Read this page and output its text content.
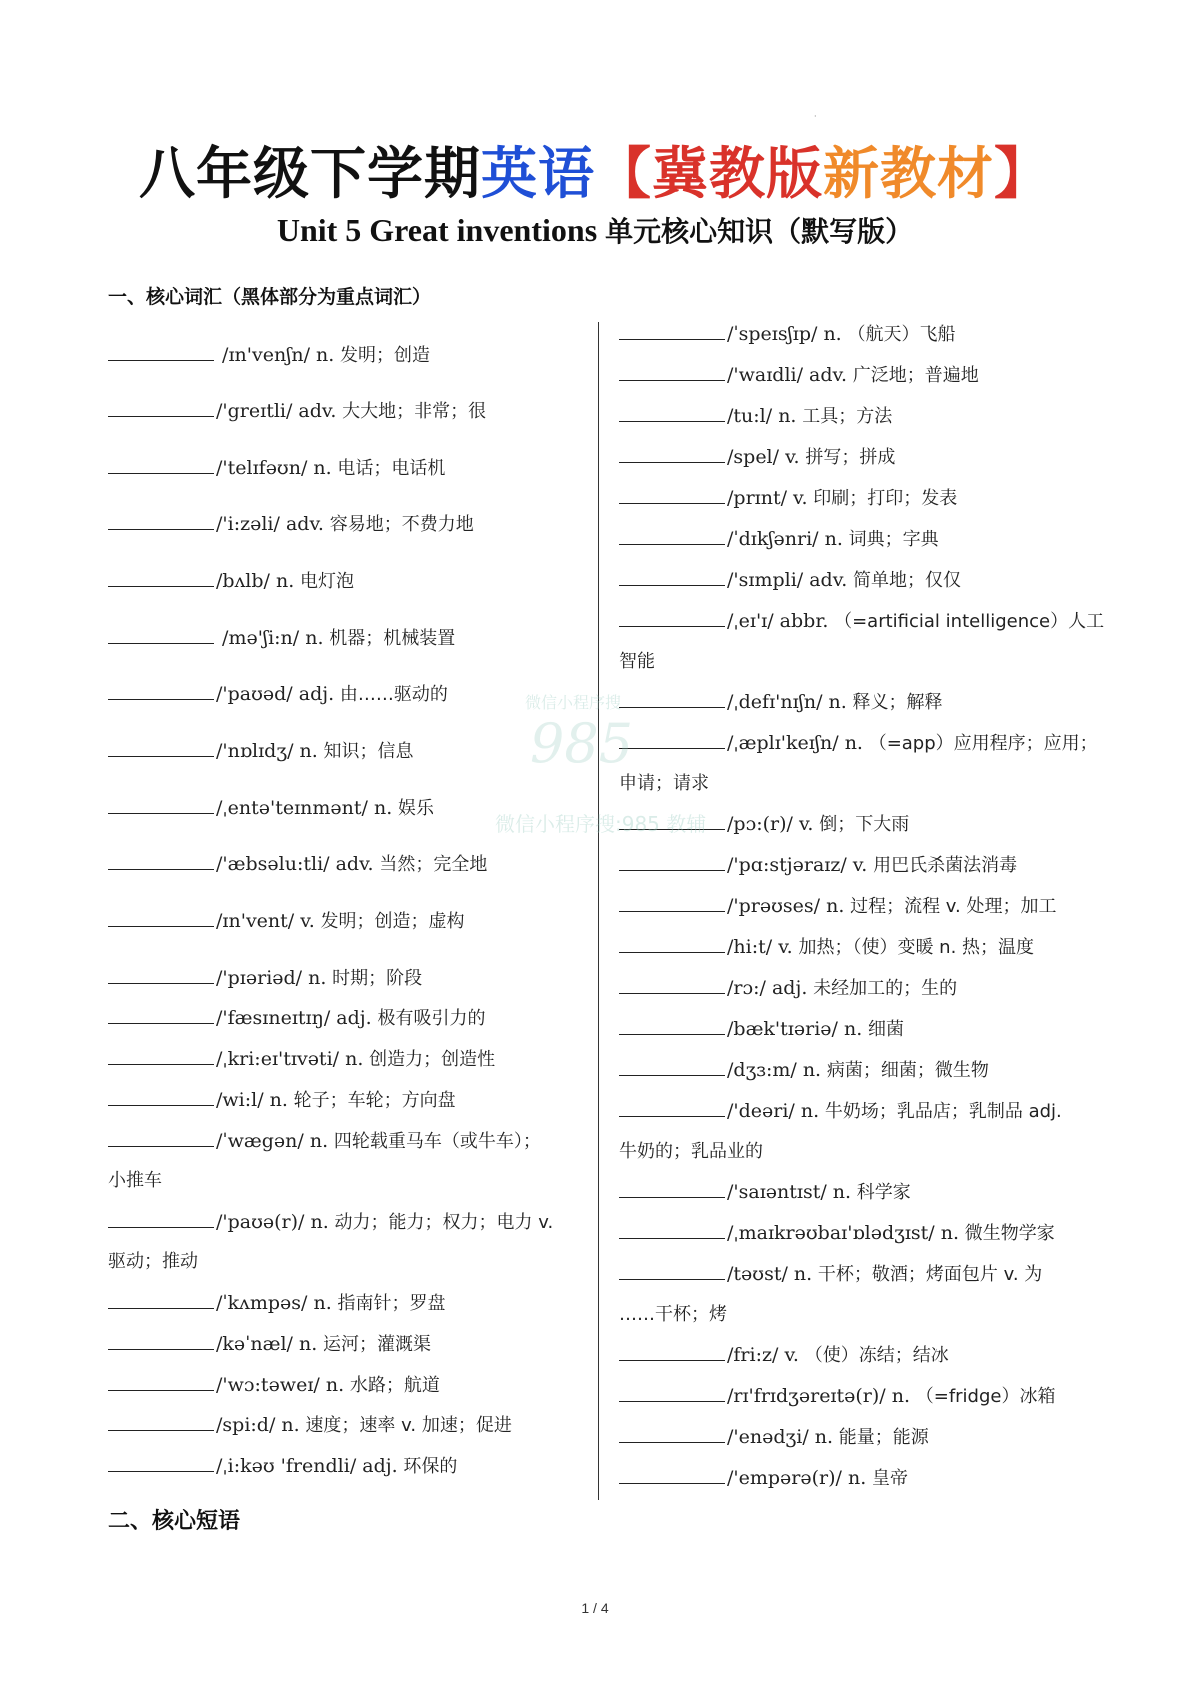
·
八年级下学期英语【冀教版新教材】
Unit 5 Great inventions 单元核心知识（默写版）
一、核心词汇（黑体部分为重点词汇）
/ɪn'venʃn/ n. 发明；创造
/'greɪtli/ adv. 大大地；非常；很
/'telɪfəʊn/ n. 电话；电话机
/'i:zəli/ adv. 容易地；不费力地
/bʌlb/ n. 电灯泡
/mə'ʃi:n/ n. 机器；机械装置
/'paʊəd/ adj. 由……驱动的
/'nɒlɪdʒ/ n. 知识；信息
/ˌentə'teɪnmənt/ n. 娱乐
/'æbsəlu:tli/ adv. 当然；完全地
/ɪn'vent/ v. 发明；创造；虚构
/'pɪəriəd/ n. 时期；阶段
/'fæsɪneɪtɪŋ/ adj. 极有吸引力的
/ˌkri:eɪ'tɪvəti/ n. 创造力；创造性
/wi:l/ n. 轮子；车轮；方向盘
/ˈwægən/ n. 四轮载重马车（或牛车）；
/'paʊə(r)/ n. 动力；能力；权力；电力 v.
/ˈkʌmpəs/ n. 指南针；罗盘
/kəˈnæl/ n. 运河；灌溉渠
/'wɔ:təweɪ/ n. 水路；航道
/spi:d/ n. 速度；速率 v. 加速；促进
/ˌi:kəʊ 'frendli/ adj. 环保的
小推车
驱动；推动
/ˈspeɪsʃɪp/ n. （航天）飞船
/'waɪdli/ adv. 广泛地；普遍地
/tu:l/ n. 工具；方法
/spel/ v. 拼写；拼成
/prɪnt/ v. 印刷；打印；发表
/ˈdɪkʃənri/ n. 词典；字典
/'sɪmpli/ adv. 简单地；仅仅
/ˌeɪ'ɪ/ abbr. （=artificial intelligence）人工
/ˌdefɪ'nɪʃn/ n. 释义；解释
/ˌæplɪ'keɪʃn/ n. （=app）应用程序；应用；
/pɔ:(r)/ v. 倒；下大雨
/'pɑ:stjəraɪz/ v. 用巴氏杀菌法消毒
/'prəʊses/ n. 过程；流程 v. 处理；加工
/hi:t/ v. 加热；（使）变暖 n. 热；温度
/rɔ:/ adj. 未经加工的；生的
/bæk'tɪəriə/ n. 细菌
/dʒɜ:m/ n. 病菌；细菌；微生物
/'deəri/ n. 牛奶场；乳品店；乳制品 adj.
/'saɪəntɪst/ n. 科学家
/ˌmaɪkrəʊbaɪ'ɒlədʒɪst/ n. 微生物学家
/təʊst/ n. 干杯；敬酒；烤面包片 v. 为
/fri:z/ v. （使）冻结；结冰
/rɪ'frɪdʒəreɪtə(r)/ n. （=fridge）冰箱
/'enədʒi/ n. 能量；能源
/'empərə(r)/ n. 皇帝
智能
申请；请求
牛奶的；乳品业的
……干杯；烤
二、核心短语
微信小程序搜
985
微信小程序搜:985 教辅
1 / 4
